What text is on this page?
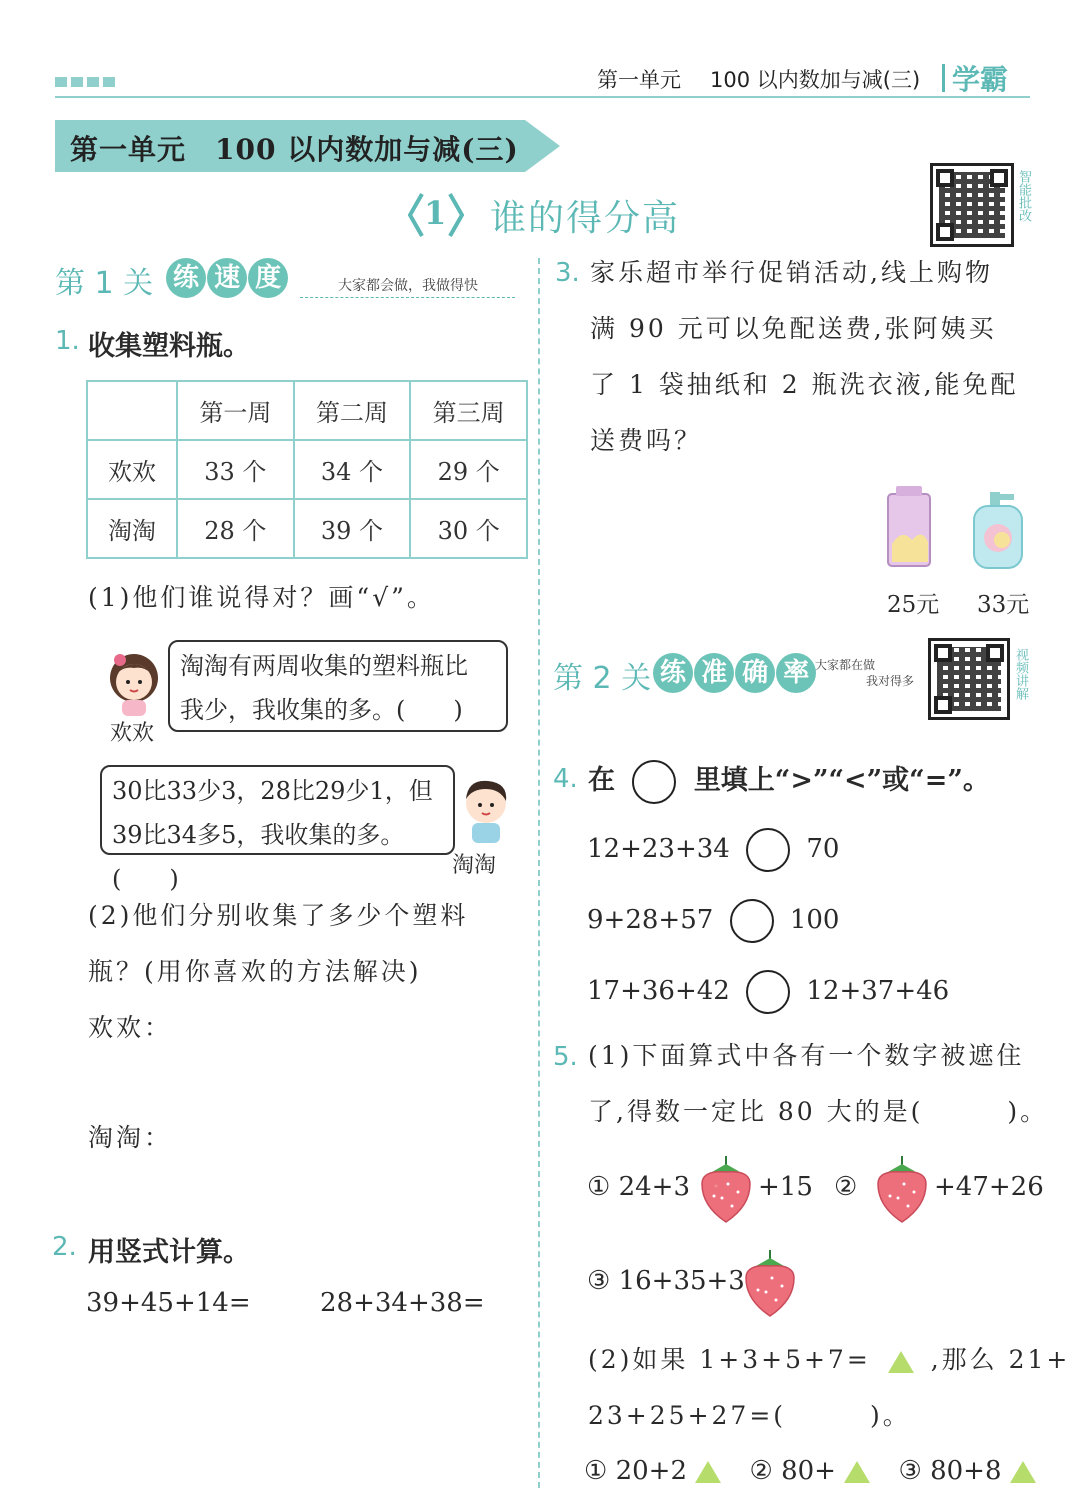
第一单元 100 以内数加与减(三) 学霸
第一单元　100 以内数加与减(三)
1 谁的得分高	智能批改
第 1 关 练 速 度	大家都会做，我做得快
1. 收集塑料瓶。
	第一周	第二周	第三周
欢欢	33 个	34 个	29 个
淘淘	28 个	39 个	30 个
(1)他们谁说得对？画“√”。
欢欢
淘淘有两周收集的塑料瓶比
我少，我收集的多。(　　)
30比33少3，28比29少1，但
39比34多5，我收集的多。(　　)	淘淘
(2)他们分别收集了多少个塑料
瓶？(用你喜欢的方法解决)
欢欢：
淘淘：
2. 用竖式计算。
39+45+14=	28+34+38=
3. 家乐超市举行促销活动,线上购物
满 90 元可以免配送费,张阿姨买
了 1 袋抽纸和 2 瓶洗衣液,能免配
送费吗？
25元 33元
第 2 关 练 准 确 率 大家都在做
我对得多	视频讲解
4. 在	里填上“>”“<”或“=”。
12+23+34	70
9+28+57	100
17+36+42	12+37+46
5. (1)下面算式中各有一个数字被遮住
了,得数一定比 80 大的是(　　　)。
① 24+3	+15 ②	+47+26
③ 16+35+3
(2)如果 1+3+5+7= ,那么 21+
23+25+27=(　　　)。
① 20+2 ② 80+ ③ 80+8
